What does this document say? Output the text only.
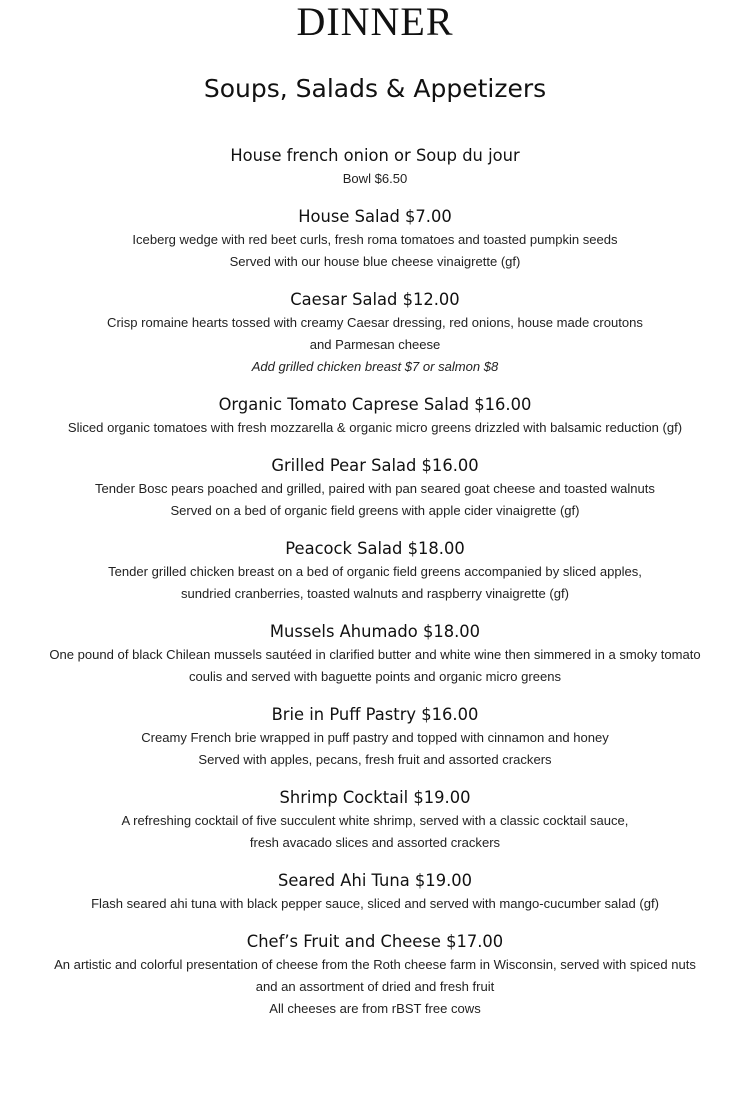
DINNER
Soups, Salads & Appetizers
House french onion or Soup du jour
Bowl $6.50
House Salad $7.00
Iceberg wedge with red beet curls, fresh roma tomatoes and toasted pumpkin seeds
Served with our house blue cheese vinaigrette (gf)
Caesar Salad $12.00
Crisp romaine hearts tossed with creamy Caesar dressing, red onions, house made croutons
and Parmesan cheese
Add grilled chicken breast $7 or salmon $8
Organic Tomato Caprese Salad $16.00
Sliced organic tomatoes with fresh mozzarella & organic micro greens drizzled with balsamic reduction (gf)
Grilled Pear Salad $16.00
Tender Bosc pears poached and grilled, paired with pan seared goat cheese and toasted walnuts
Served on a bed of organic field greens with apple cider vinaigrette (gf)
Peacock Salad $18.00
Tender grilled chicken breast on a bed of organic field greens accompanied by sliced apples,
sundried cranberries, toasted walnuts and raspberry vinaigrette (gf)
Mussels Ahumado $18.00
One pound of black Chilean mussels sautéed in clarified butter and white wine then simmered in a smoky tomato
coulis and served with baguette points and organic micro greens
Brie in Puff Pastry $16.00
Creamy French brie wrapped in puff pastry and topped with cinnamon and honey
Served with apples, pecans, fresh fruit and assorted crackers
Shrimp Cocktail $19.00
A refreshing cocktail of five succulent white shrimp, served with a classic cocktail sauce,
fresh avacado slices and assorted crackers
Seared Ahi Tuna $19.00
Flash seared ahi tuna with black pepper sauce, sliced and served with mango-cucumber salad (gf)
Chef’s Fruit and Cheese $17.00
An artistic and colorful presentation of cheese from the Roth cheese farm in Wisconsin, served with spiced nuts
and an assortment of dried and fresh fruit
All cheeses are from rBST free cows
